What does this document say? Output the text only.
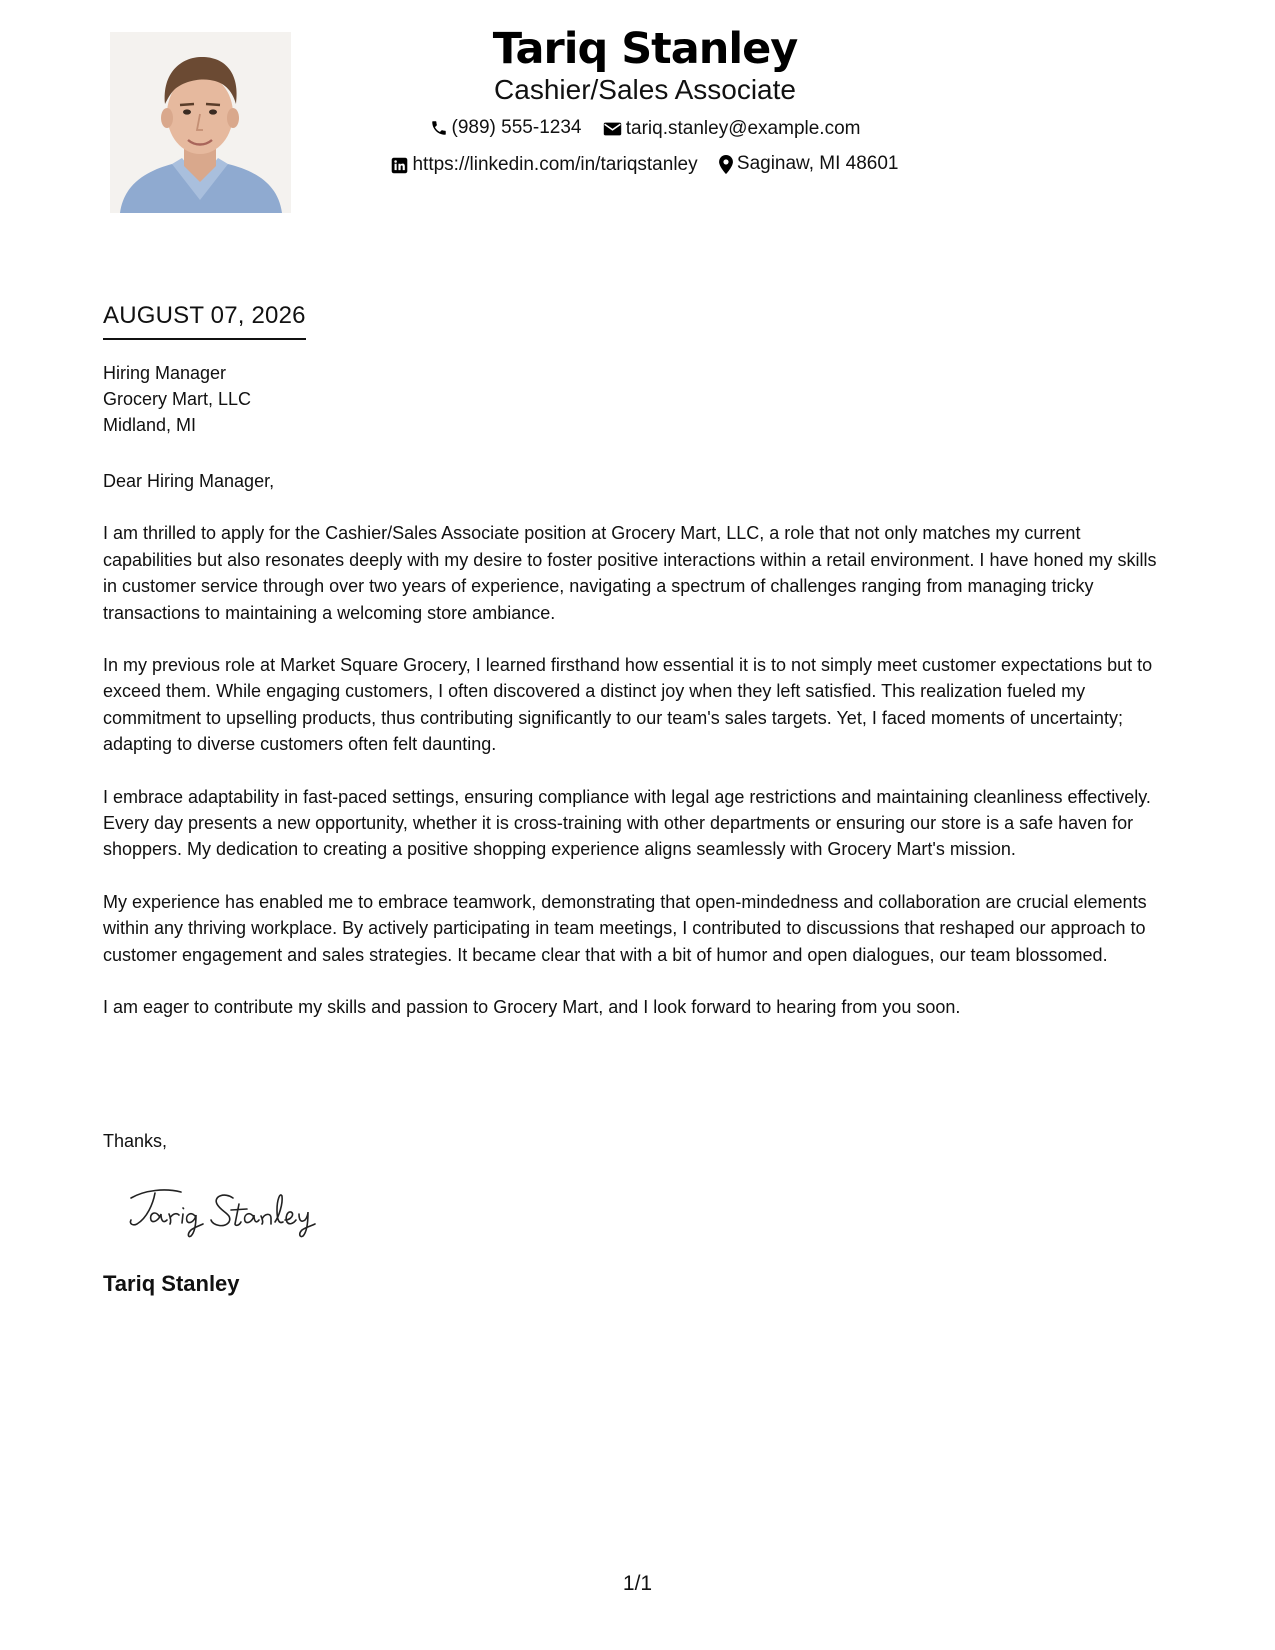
Tariq Stanley
Cashier/Sales Associate
(989) 555-1234
tariq.stanley@example.com
https://linkedin.com/in/tariqstanley
Saginaw, MI 48601
AUGUST 07, 2026
Hiring Manager
Grocery Mart, LLC
Midland, MI

Dear Hiring Manager,

I am thrilled to apply for the Cashier/Sales Associate position at Grocery Mart, LLC, a role that not only matches my current capabilities but also resonates deeply with my desire to foster positive interactions within a retail environment. I have honed my skills in customer service through over two years of experience, navigating a spectrum of challenges ranging from managing tricky transactions to maintaining a welcoming store ambiance.

In my previous role at Market Square Grocery, I learned firsthand how essential it is to not simply meet customer expectations but to exceed them. While engaging customers, I often discovered a distinct joy when they left satisfied. This realization fueled my commitment to upselling products, thus contributing significantly to our team's sales targets. Yet, I faced moments of uncertainty; adapting to diverse customers often felt daunting.

I embrace adaptability in fast-paced settings, ensuring compliance with legal age restrictions and maintaining cleanliness effectively. Every day presents a new opportunity, whether it is cross-training with other departments or ensuring our store is a safe haven for shoppers. My dedication to creating a positive shopping experience aligns seamlessly with Grocery Mart's mission.

My experience has enabled me to embrace teamwork, demonstrating that open-mindedness and collaboration are crucial elements within any thriving workplace. By actively participating in team meetings, I contributed to discussions that reshaped our approach to customer engagement and sales strategies. It became clear that with a bit of humor and open dialogues, our team blossomed.

I am eager to contribute my skills and passion to Grocery Mart, and I look forward to hearing from you soon.

Thanks,
Tariq Stanley
1/1
